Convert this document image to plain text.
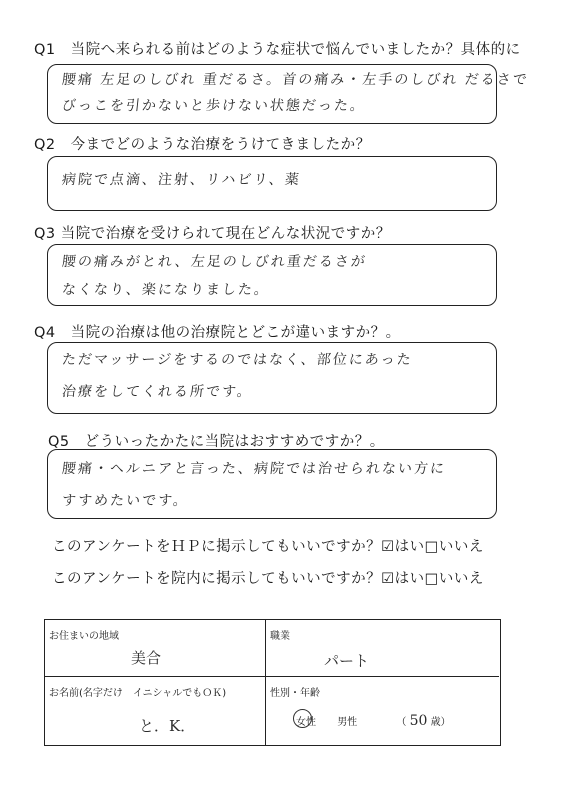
Q1　当院へ来られる前はどのような症状で悩んでいましたか？具体的に
腰痛 左足のしびれ 重だるさ。首の痛み・左手のしびれ だるさで
びっこを引かないと歩けない状態だった。
Q2　今までどのような治療をうけてきましたか？
病院で点滴、注射、リハビリ、薬
Q3 当院で治療を受けられて現在どんな状況ですか？
腰の痛みがとれ、左足のしびれ重だるさが
なくなり、楽になりました。
Q4　当院の治療は他の治療院とどこが違いますか？。
ただマッサージをするのではなく、部位にあった
治療をしてくれる所です。
Q5　どういったかたに当院はおすすめですか？。
腰痛・ヘルニアと言った、病院では治せられない方に
すすめたいです。
このアンケートをＨＰに掲示してもいいですか？☑はい□いいえ
このアンケートを院内に掲示してもいいですか？☑はい□いいえ
お住まいの地域
美合
職業
パート
お名前(名字だけ　イニシャルでもＯＫ)
と．K．
性別・年齢
女性 男性	（ 50 歳）
